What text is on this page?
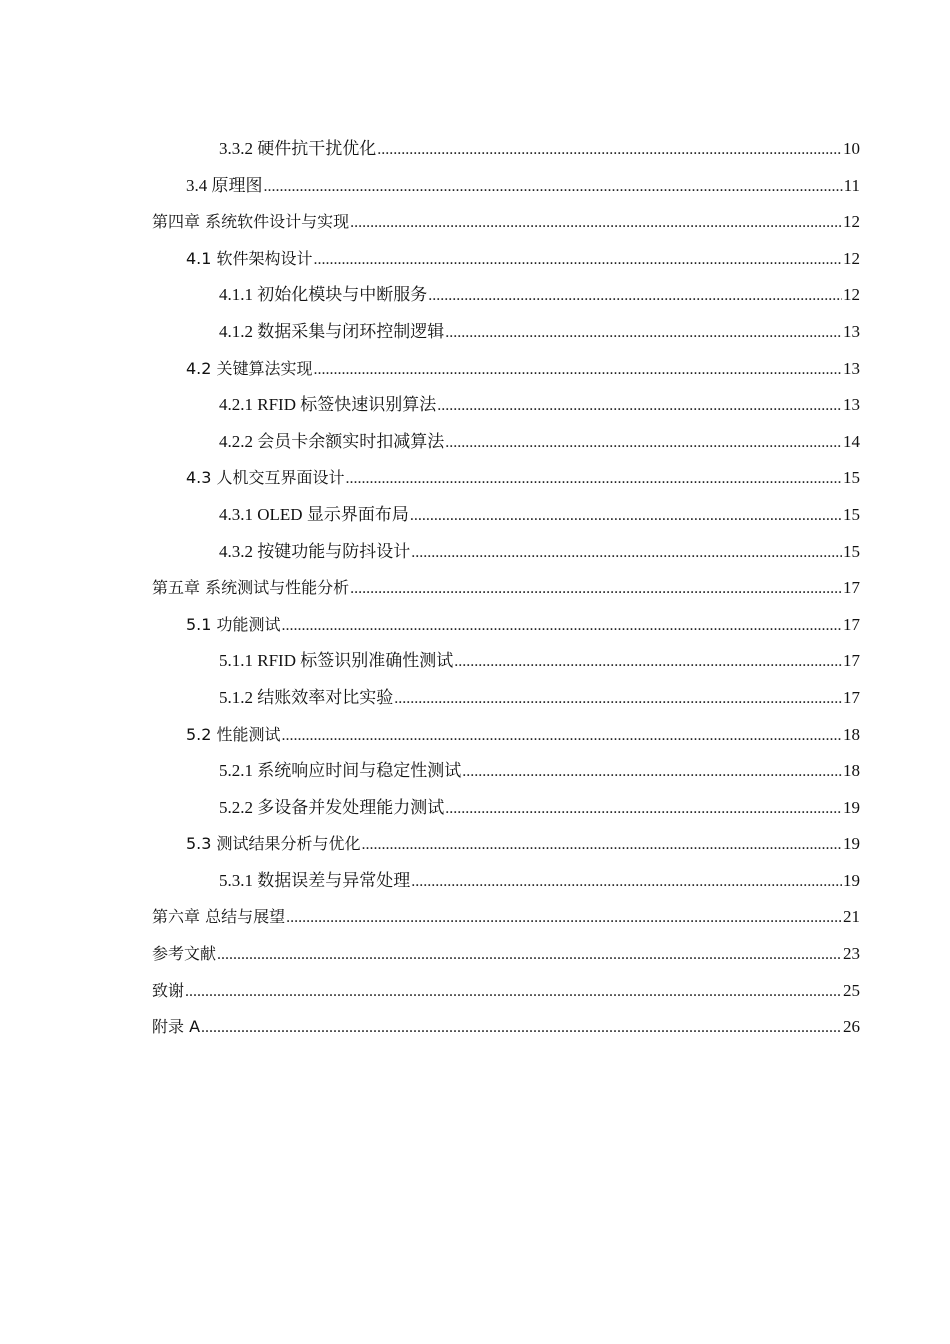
3.3.2 硬件抗干扰优化 .....	10
3.4 原理图 .....	11
第四章 系统软件设计与实现 .....	12
4.1 软件架构设计 .....	12
4.1.1 初始化模块与中断服务 .....	12
4.1.2 数据采集与闭环控制逻辑 .....	13
4.2 关键算法实现 .....	13
4.2.1 RFID 标签快速识别算法 .....	13
4.2.2 会员卡余额实时扣减算法 .....	14
4.3 人机交互界面设计 .....	15
4.3.1 OLED 显示界面布局 .....	15
4.3.2 按键功能与防抖设计 .....	15
第五章 系统测试与性能分析 .....	17
5.1 功能测试 .....	17
5.1.1 RFID 标签识别准确性测试 .....	17
5.1.2 结账效率对比实验 .....	17
5.2 性能测试 .....	18
5.2.1 系统响应时间与稳定性测试 .....	18
5.2.2 多设备并发处理能力测试 .....	19
5.3 测试结果分析与优化 .....	19
5.3.1 数据误差与异常处理 .....	19
第六章 总结与展望 .....	21
参考文献 .....	23
致谢 .....	25
附录 A .....	26
